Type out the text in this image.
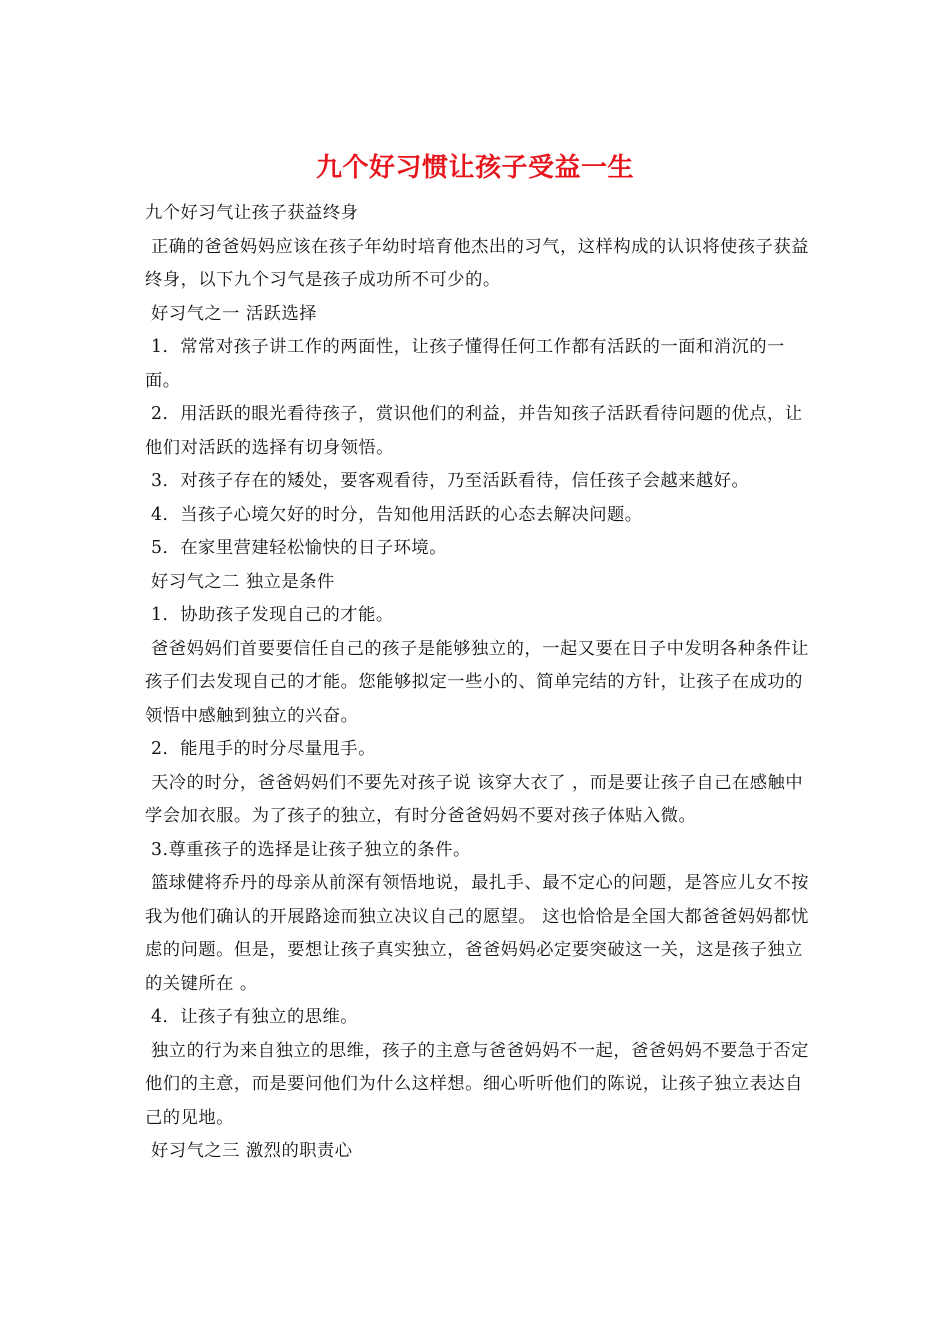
九个好习惯让孩子受益一生

九个好习气让孩子获益终身

正确的爸爸妈妈应该在孩子年幼时培育他杰出的习气，这样构成的认识将使孩子获益终身，以下九个习气是孩子成功所不可少的。

好习气之一 活跃选择

1．常常对孩子讲工作的两面性，让孩子懂得任何工作都有活跃的一面和消沉的一面。

2．用活跃的眼光看待孩子，赏识他们的利益，并告知孩子活跃看待问题的优点，让他们对活跃的选择有切身领悟。

3．对孩子存在的矮处，要客观看待，乃至活跃看待，信任孩子会越来越好。

4．当孩子心境欠好的时分，告知他用活跃的心态去解决问题。

5．在家里营建轻松愉快的日子环境。

好习气之二 独立是条件

1．协助孩子发现自己的才能。

爸爸妈妈们首要要信任自己的孩子是能够独立的，一起又要在日子中发明各种条件让孩子们去发现自己的才能。您能够拟定一些小的、简单完结的方针，让孩子在成功的领悟中感触到独立的兴奋。

2．能甩手的时分尽量甩手。

天冷的时分，爸爸妈妈们不要先对孩子说 该穿大衣了 ，而是要让孩子自己在感触中学会加衣服。为了孩子的独立，有时分爸爸妈妈不要对孩子体贴入微。

3.尊重孩子的选择是让孩子独立的条件。

篮球健将乔丹的母亲从前深有领悟地说，最扎手、最不定心的问题，是答应儿女不按我为他们确认的开展路途而独立决议自己的愿望。 这也恰恰是全国大都爸爸妈妈都忧虑的问题。但是，要想让孩子真实独立，爸爸妈妈必定要突破这一关，这是孩子独立的关键所在 。

4．让孩子有独立的思维。

独立的行为来自独立的思维，孩子的主意与爸爸妈妈不一起，爸爸妈妈不要急于否定他们的主意，而是要问他们为什么这样想。细心听听他们的陈说，让孩子独立表达自己的见地。

好习气之三 激烈的职责心
